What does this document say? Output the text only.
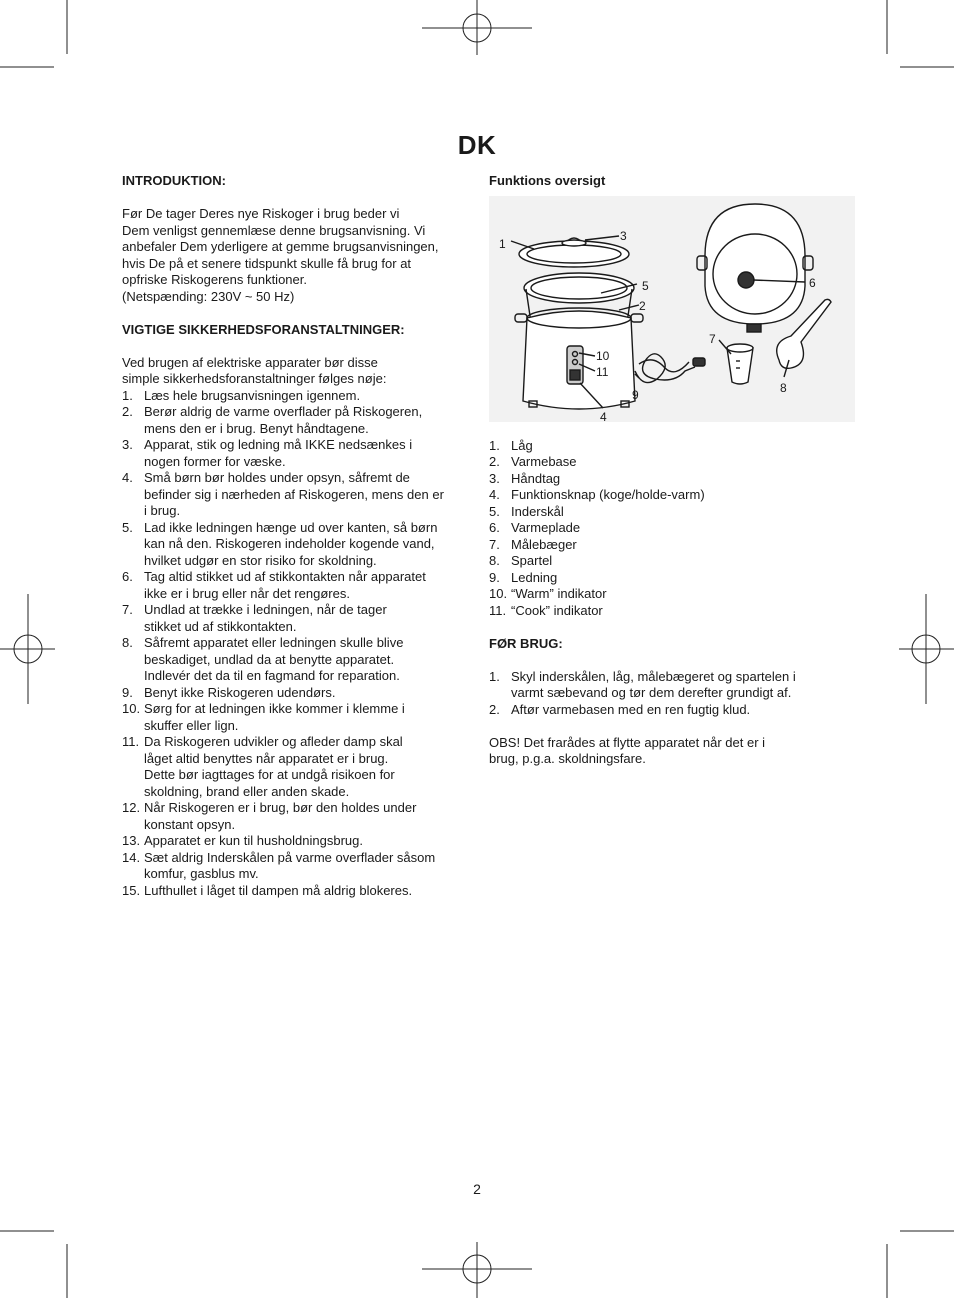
DK

INTRODUKTION:

Før De tager Deres nye Riskoger i brug beder vi
Dem venligst gennemlæse denne brugsanvisning. Vi
anbefaler Dem yderligere at gemme brugsanvisningen,
hvis De på et senere tidspunkt skulle få brug for at
opfriske Riskogerens funktioner.
(Netspænding: 230V ~ 50 Hz)

VIGTIGE SIKKERHEDSFORANSTALTNINGER:

Ved brugen af elektriske apparater bør disse
simple sikkerhedsforanstaltninger følges nøje:
1. Læs hele brugsanvisningen igennem.
2. Berør aldrig de varme overflader på Riskogeren,
mens den er i brug. Benyt håndtagene.
3. Apparat, stik og ledning må IKKE nedsænkes i
nogen former for væske.
4. Små børn bør holdes under opsyn, såfremt de
befinder sig i nærheden af Riskogeren, mens den er
i brug.
5. Lad ikke ledningen hænge ud over kanten, så børn
kan nå den. Riskogeren indeholder kogende vand,
hvilket udgør en stor risiko for skoldning.
6. Tag altid stikket ud af stikkontakten når apparatet
ikke er i brug eller når det rengøres.
7. Undlad at trække i ledningen, når de tager
stikket ud af stikkontakten.
8. Såfremt apparatet eller ledningen skulle blive
beskadiget, undlad da at benytte apparatet.
Indlevér det da til en fagmand for reparation.
9. Benyt ikke Riskogeren udendørs.
10. Sørg for at ledningen ikke kommer i klemme i
skuffer eller lign.
11. Da Riskogeren udvikler og afleder damp skal
låget altid benyttes når apparatet er i brug.
Dette bør iagttages for at undgå risikoen for
skoldning, brand eller anden skade.
12. Når Riskogeren er i brug, bør den holdes under
konstant opsyn.
13. Apparatet er kun til husholdningsbrug.
14. Sæt aldrig Inderskålen på varme overflader såsom
komfur, gasblus mv.
15. Lufthullet i låget til dampen må aldrig blokeres.

Funktions oversigt

1
2
3
4
5	6
7
8
9
10
11
1. Låg
2. Varmebase
3. Håndtag
4. Funktionsknap (koge/holde-varm)
5. Inderskål
6. Varmeplade
7. Målebæger
8. Spartel
9. Ledning
10. “Warm” indikator
11. “Cook” indikator

FØR BRUG:

1. Skyl inderskålen, låg, målebægeret og spartelen i
varmt sæbevand og tør dem derefter grundigt af.
2. Aftør varmebasen med en ren fugtig klud.
OBS! Det frarådes at flytte apparatet når det er i
brug, p.g.a. skoldningsfare.
2
